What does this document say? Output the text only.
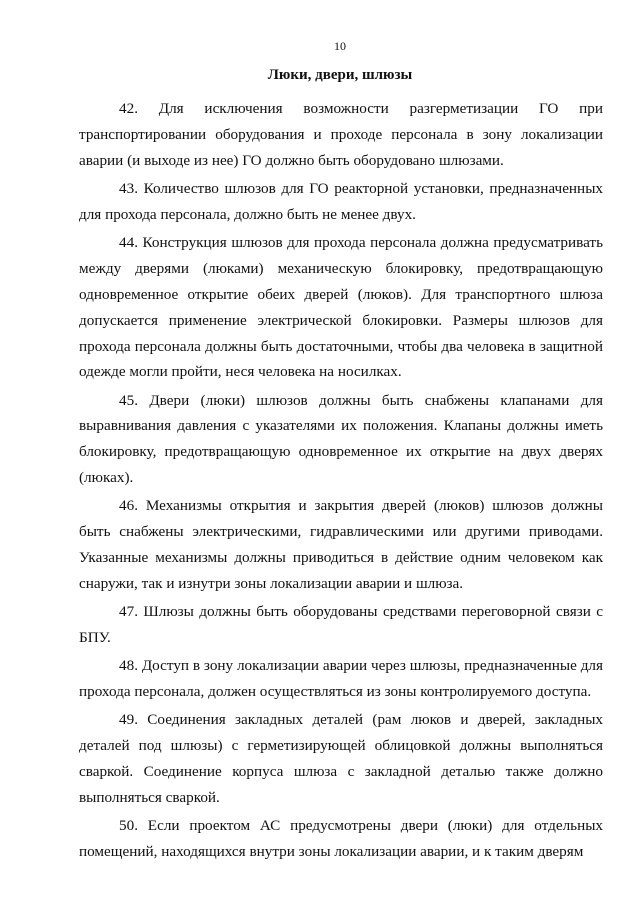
10
Люки, двери, шлюзы

42. Для исключения возможности разгерметизации ГО при транспортировании оборудования и проходе персонала в зону локализации аварии (и выходе из нее) ГО должно быть оборудовано шлюзами.

43. Количество шлюзов для ГО реакторной установки, предназначенных для прохода персонала, должно быть не менее двух.

44. Конструкция шлюзов для прохода персонала должна предусматривать между дверями (люками) механическую блокировку, предотвращающую одновременное открытие обеих дверей (люков). Для транспортного шлюза допускается применение электрической блокировки. Размеры шлюзов для прохода персонала должны быть достаточными, чтобы два человека в защитной одежде могли пройти, неся человека на носилках.

45. Двери (люки) шлюзов должны быть снабжены клапанами для выравнивания давления с указателями их положения. Клапаны должны иметь блокировку, предотвращающую одновременное их открытие на двух дверях (люках).

46. Механизмы открытия и закрытия дверей (люков) шлюзов должны быть снабжены электрическими, гидравлическими или другими приводами. Указанные механизмы должны приводиться в действие одним человеком как снаружи, так и изнутри зоны локализации аварии и шлюза.

47. Шлюзы должны быть оборудованы средствами переговорной связи с БПУ.

48. Доступ в зону локализации аварии через шлюзы, предназначенные для прохода персонала, должен осуществляться из зоны контролируемого доступа.

49. Соединения закладных деталей (рам люков и дверей, закладных деталей под шлюзы) с герметизирующей облицовкой должны выполняться сваркой. Соединение корпуса шлюза с закладной деталью также должно выполняться сваркой.

50. Если проектом АС предусмотрены двери (люки) для отдельных помещений, находящихся внутри зоны локализации аварии, и к таким дверям
